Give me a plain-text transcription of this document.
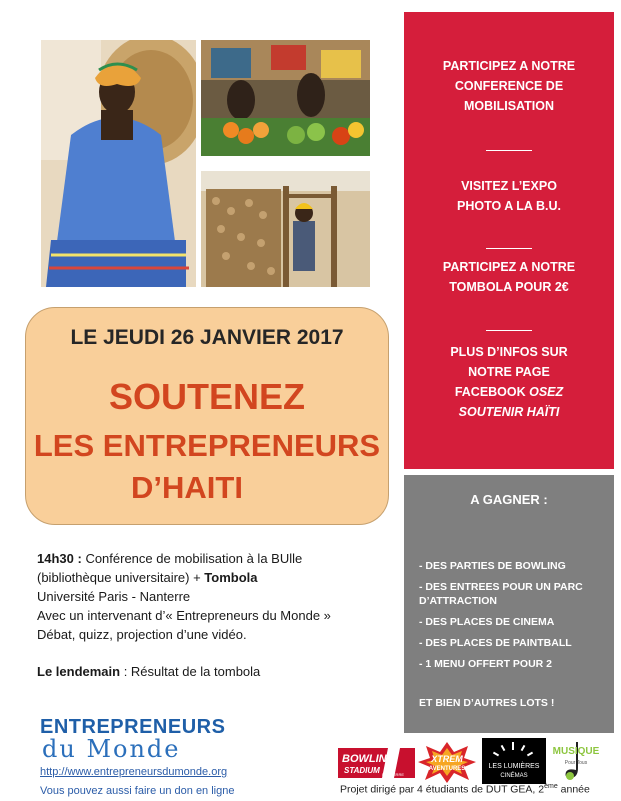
LE JEUDI 26 JANVIER 2017
SOUTENEZ
LES ENTREPRENEURS
D’HAITI
14h30 : Conférence de mobilisation à la BUlle
(bibliothèque universitaire) + Tombola
Université Paris - Nanterre
Avec un intervenant d’« Entrepreneurs du Monde »
Débat, quizz, projection d’une vidéo.
Le lendemain : Résultat de la tombola
ENTREPRENEURS
du Monde
http://www.entrepreneursdumonde.org
Vous pouvez aussi faire un don en ligne
PARTICIPEZ A NOTRE
CONFERENCE DE
MOBILISATION
VISITEZ L’EXPO
PHOTO A LA B.U.
PARTICIPEZ A NOTRE
TOMBOLA POUR 2€
PLUS D’INFOS SUR
NOTRE PAGE
FACEBOOK OSEZ
SOUTENIR HAÏTI
A GAGNER :
- DES PARTIES DE BOWLING
- DES ENTREES POUR UN PARC D’ATTRACTION
- DES PLACES DE CINEMA
- DES PLACES DE PAINTBALL
- 1 MENU OFFERT POUR 2
ET BIEN D’AUTRES LOTS !
BOWLING
STADIUM NANTERRE
XTREM
AVENTURES	LES LUMIÈRES
CINÉMAS
MUSIQUE
Pour Tous
Projet dirigé par 4 étudiants de DUT GEA, 2ème année
